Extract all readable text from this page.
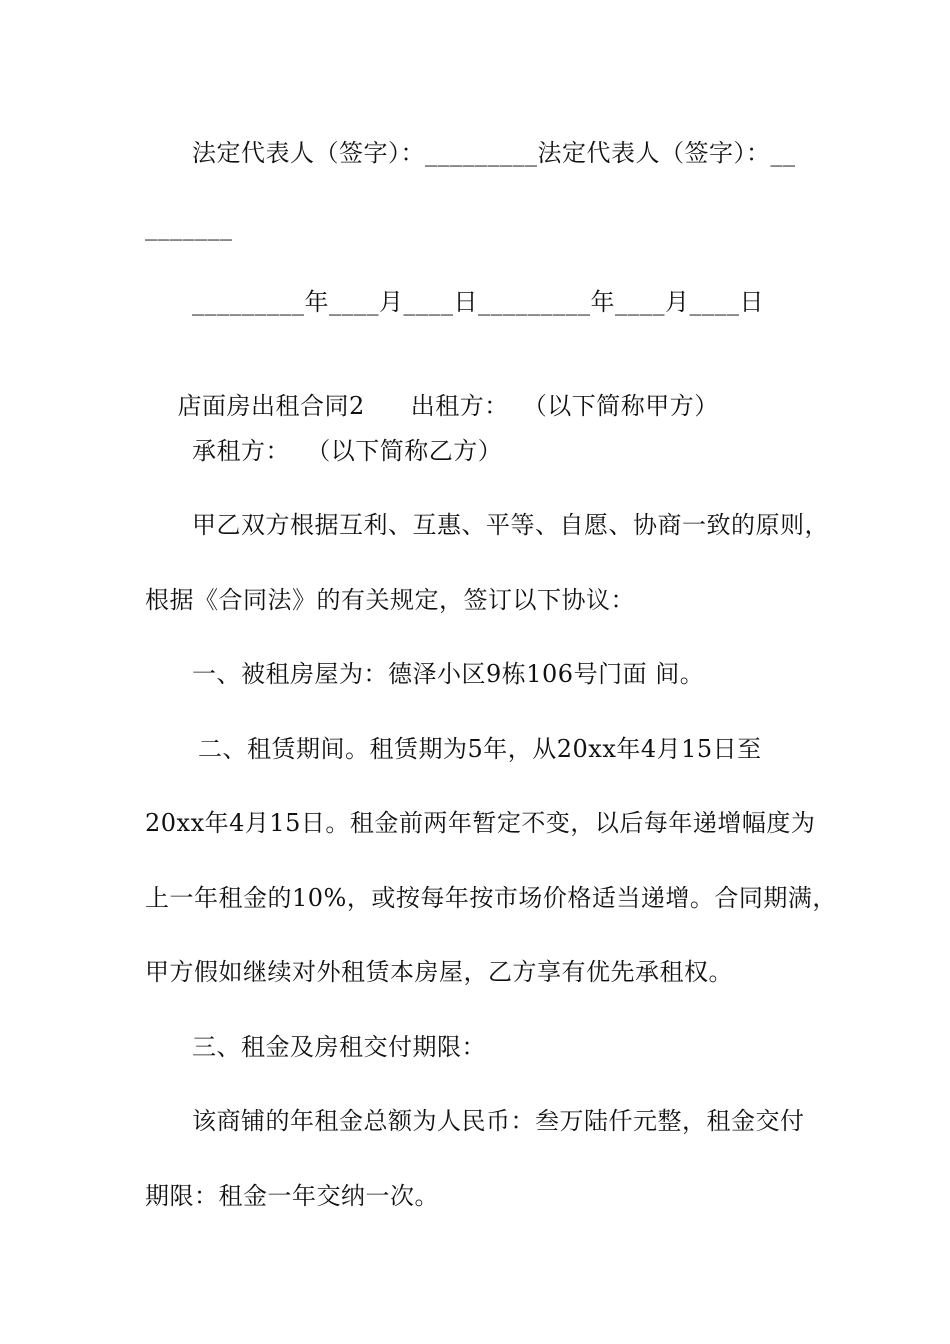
法定代表人（签字）：_________法定代表人（签字）：__
_______
_________年____月____日_________年____月____日

店面房出租合同2 出租方： （以下简称甲方）

承租方：  （以下简称乙方）
甲乙双方根据互利、互惠、平等、自愿、协商一致的原则，
根据《合同法》的有关规定，签订以下协议：
一、被租房屋为：德泽小区9栋106号门面 间。
二、租赁期间。租赁期为5年，从20xx年4月15日至
20xx年4月15日。租金前两年暂定不变，以后每年递增幅度为
上一年租金的10%，或按每年按市场价格适当递增。合同期满，
甲方假如继续对外租赁本房屋，乙方享有优先承租权。
三、租金及房租交付期限：
该商铺的年租金总额为人民币：叁万陆仟元整，租金交付
期限：租金一年交纳一次。
